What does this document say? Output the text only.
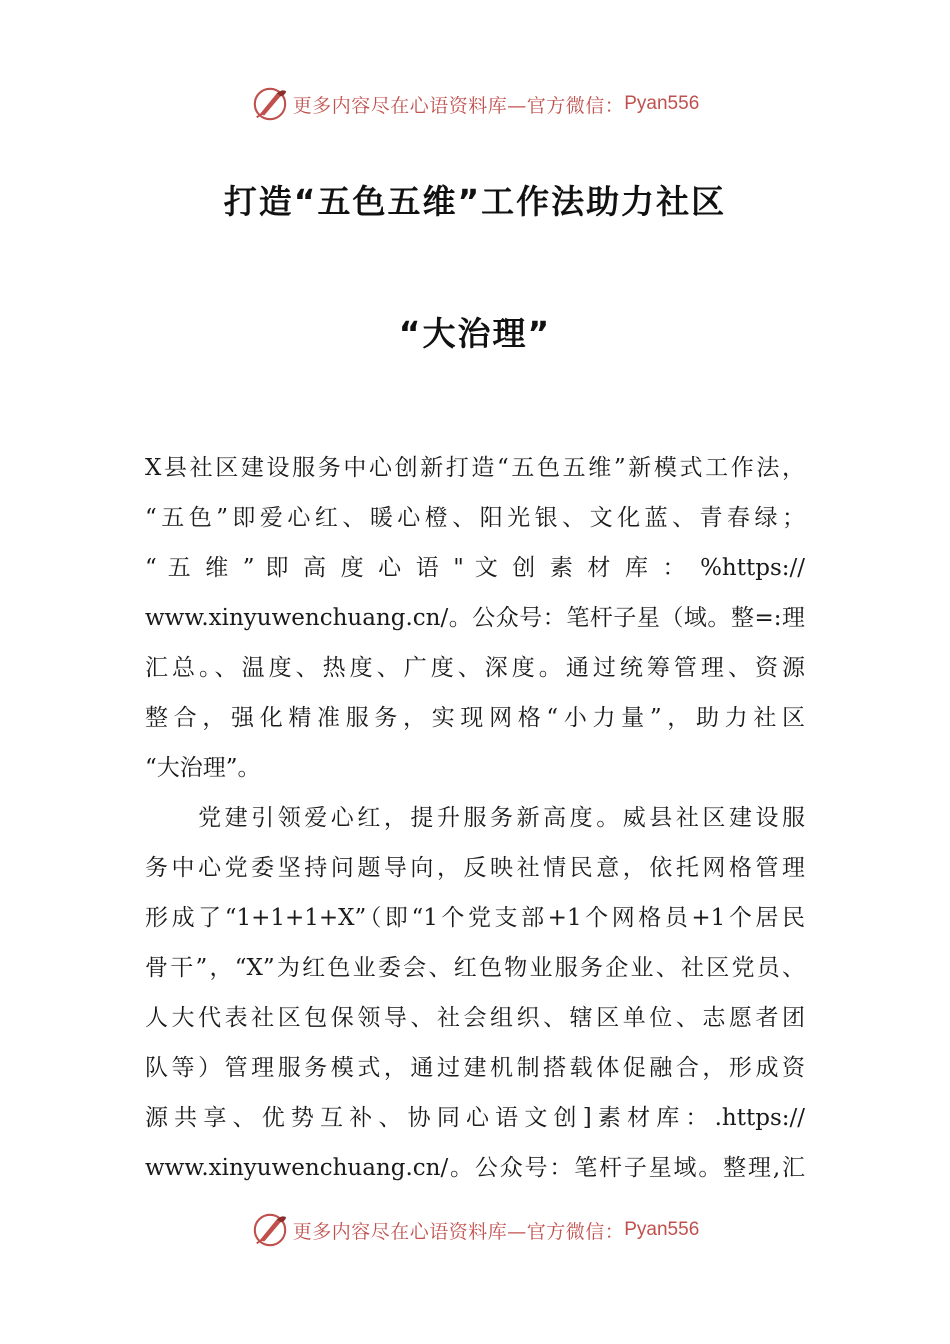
更多内容尽在心语资料库—官方微信： Pyan556
打造“五色五维”工作法助力社区
“大治理”
X县社区建设服务中心创新打造“五色五维”新模式工作法，
“五色”即爱心红、暖心橙、阳光银、文化蓝、青春绿；
“ 五 维 ” 即 高 度 心 语 " 文 创 素 材 库 ： %https://
www.xinyuwenchuang.cn/。公众号：笔杆子星（域。整=:理
汇总。、温度、热度、广度、深度。通过统筹管理、资源
整合，强化精准服务，实现网格“小力量”，助力社区
“大治理”。
　　党建引领爱心红，提升服务新高度。威县社区建设服
务中心党委坚持问题导向，反映社情民意，依托网格管理
形成了“1+1+1+X”（即“1个党支部+1个网格员+1个居民
骨干”，“X”为红色业委会、红色物业服务企业、社区党员、
人大代表社区包保领导、社会组织、辖区单位、志愿者团
队等）管理服务模式，通过建机制搭载体促融合，形成资
源共享、优势互补、协同心语文创]素材库：.https://
www.xinyuwenchuang.cn/。公众号：笔杆子星域。整理,汇
更多内容尽在心语资料库—官方微信： Pyan556
